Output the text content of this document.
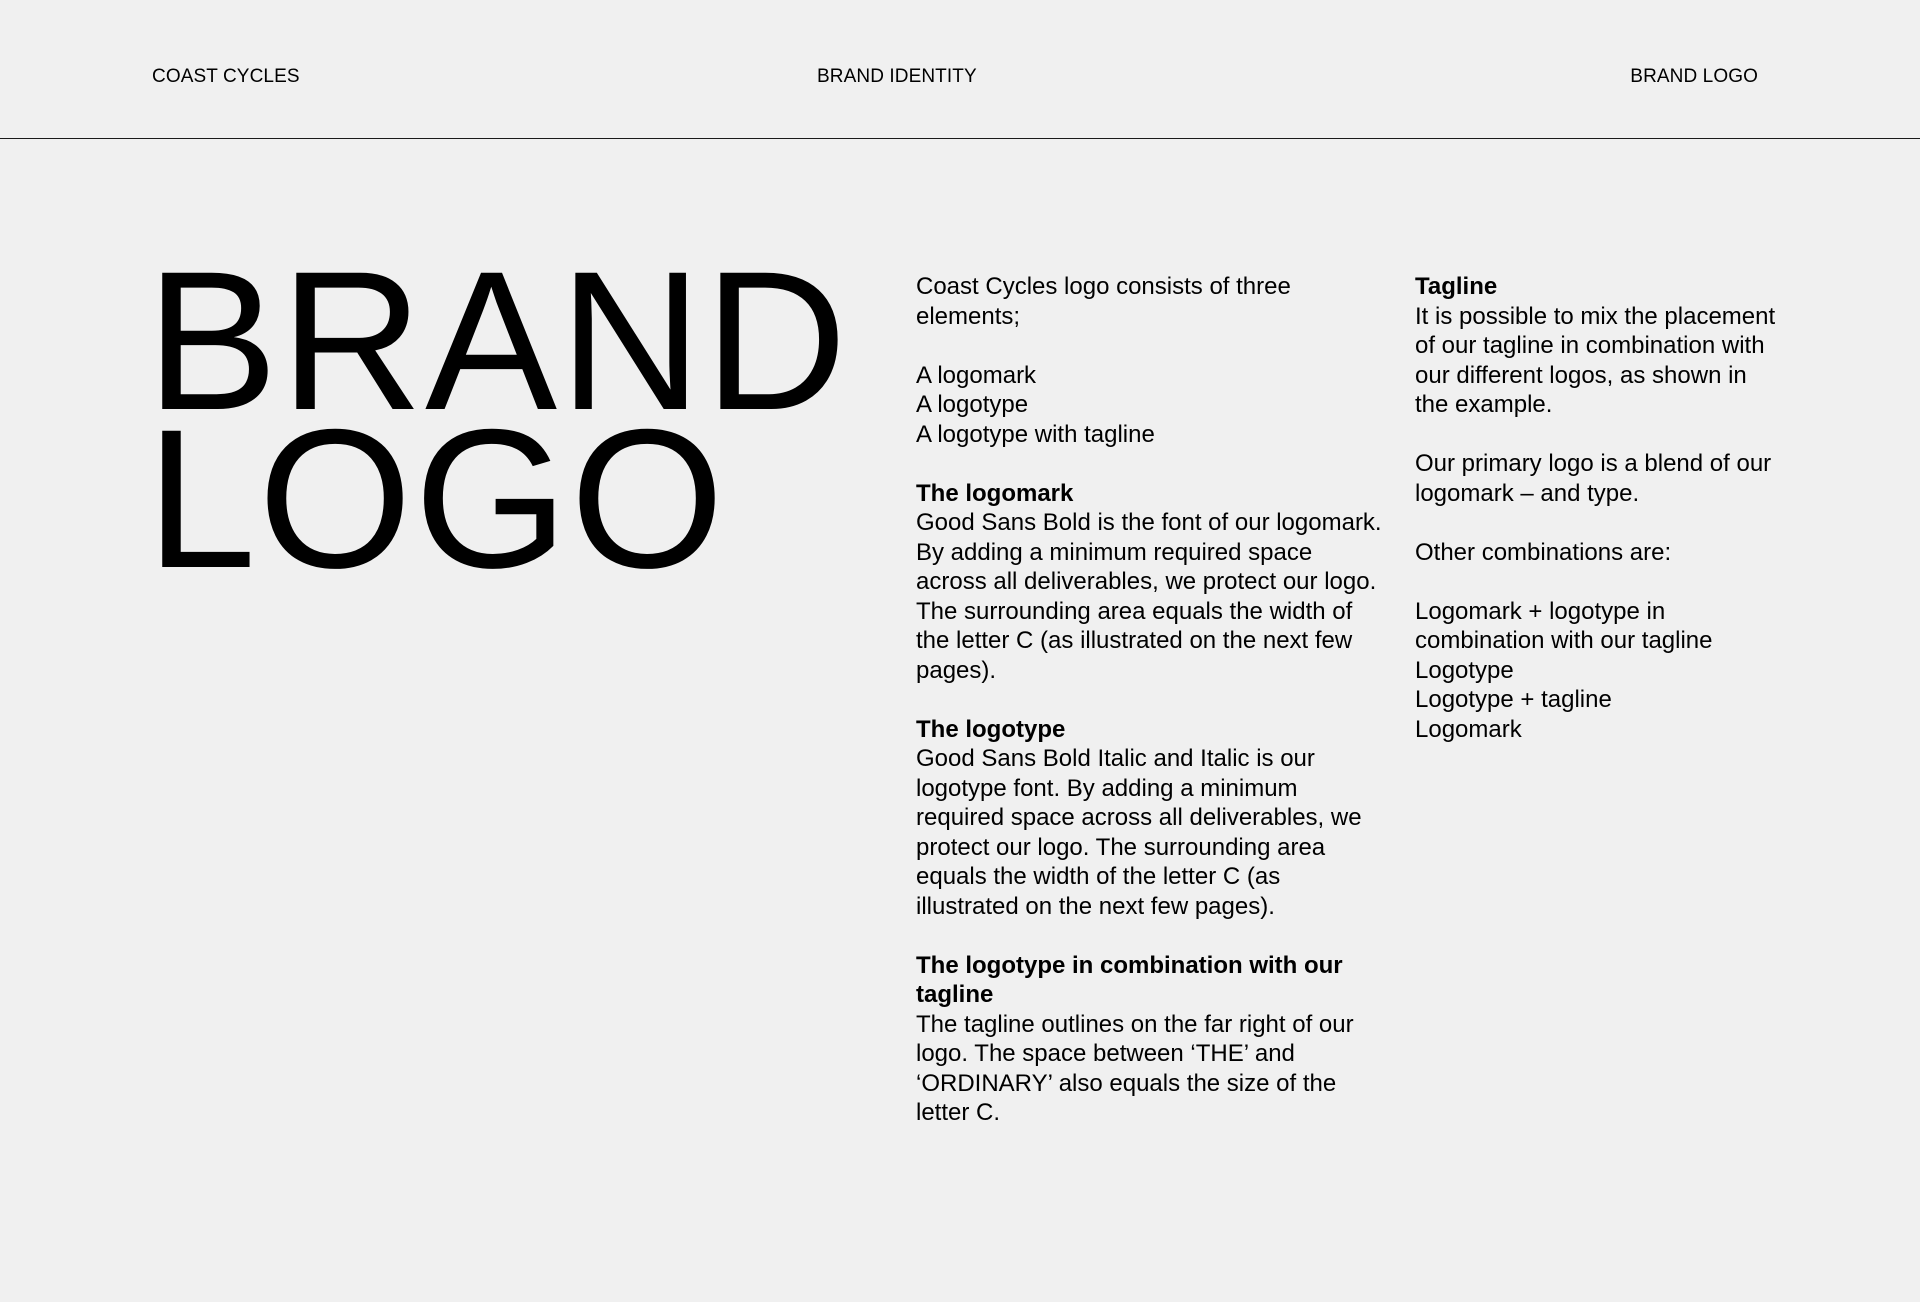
COAST CYCLES	BRAND IDENTITY	BRAND LOGO
BRAND
LOGO

Coast Cycles logo consists of three elements;

A logomark
A logotype
A logotype with tagline

The logomark
Good Sans Bold is the font of our logomark. By adding a minimum required space across all deliverables, we protect our logo. The surrounding area equals the width of the letter C (as illustrated on the next few pages).

The logotype
Good Sans Bold Italic and Italic is our logotype font. By adding a minimum required space across all deliverables, we protect our logo. The surrounding area equals the width of the letter C (as illustrated on the next few pages).

The logotype in combination with our tagline
The tagline outlines on the far right of our logo. The space between ‘THE’ and ‘ORDINARY’ also equals the size of the letter C.

Tagline
It is possible to mix the placement of our tagline in combination with our different logos, as shown in the example.

Our primary logo is a blend of our logomark – and type.

Other combinations are:

Logomark + logotype in combination with our tagline
Logotype
Logotype + tagline
Logomark
